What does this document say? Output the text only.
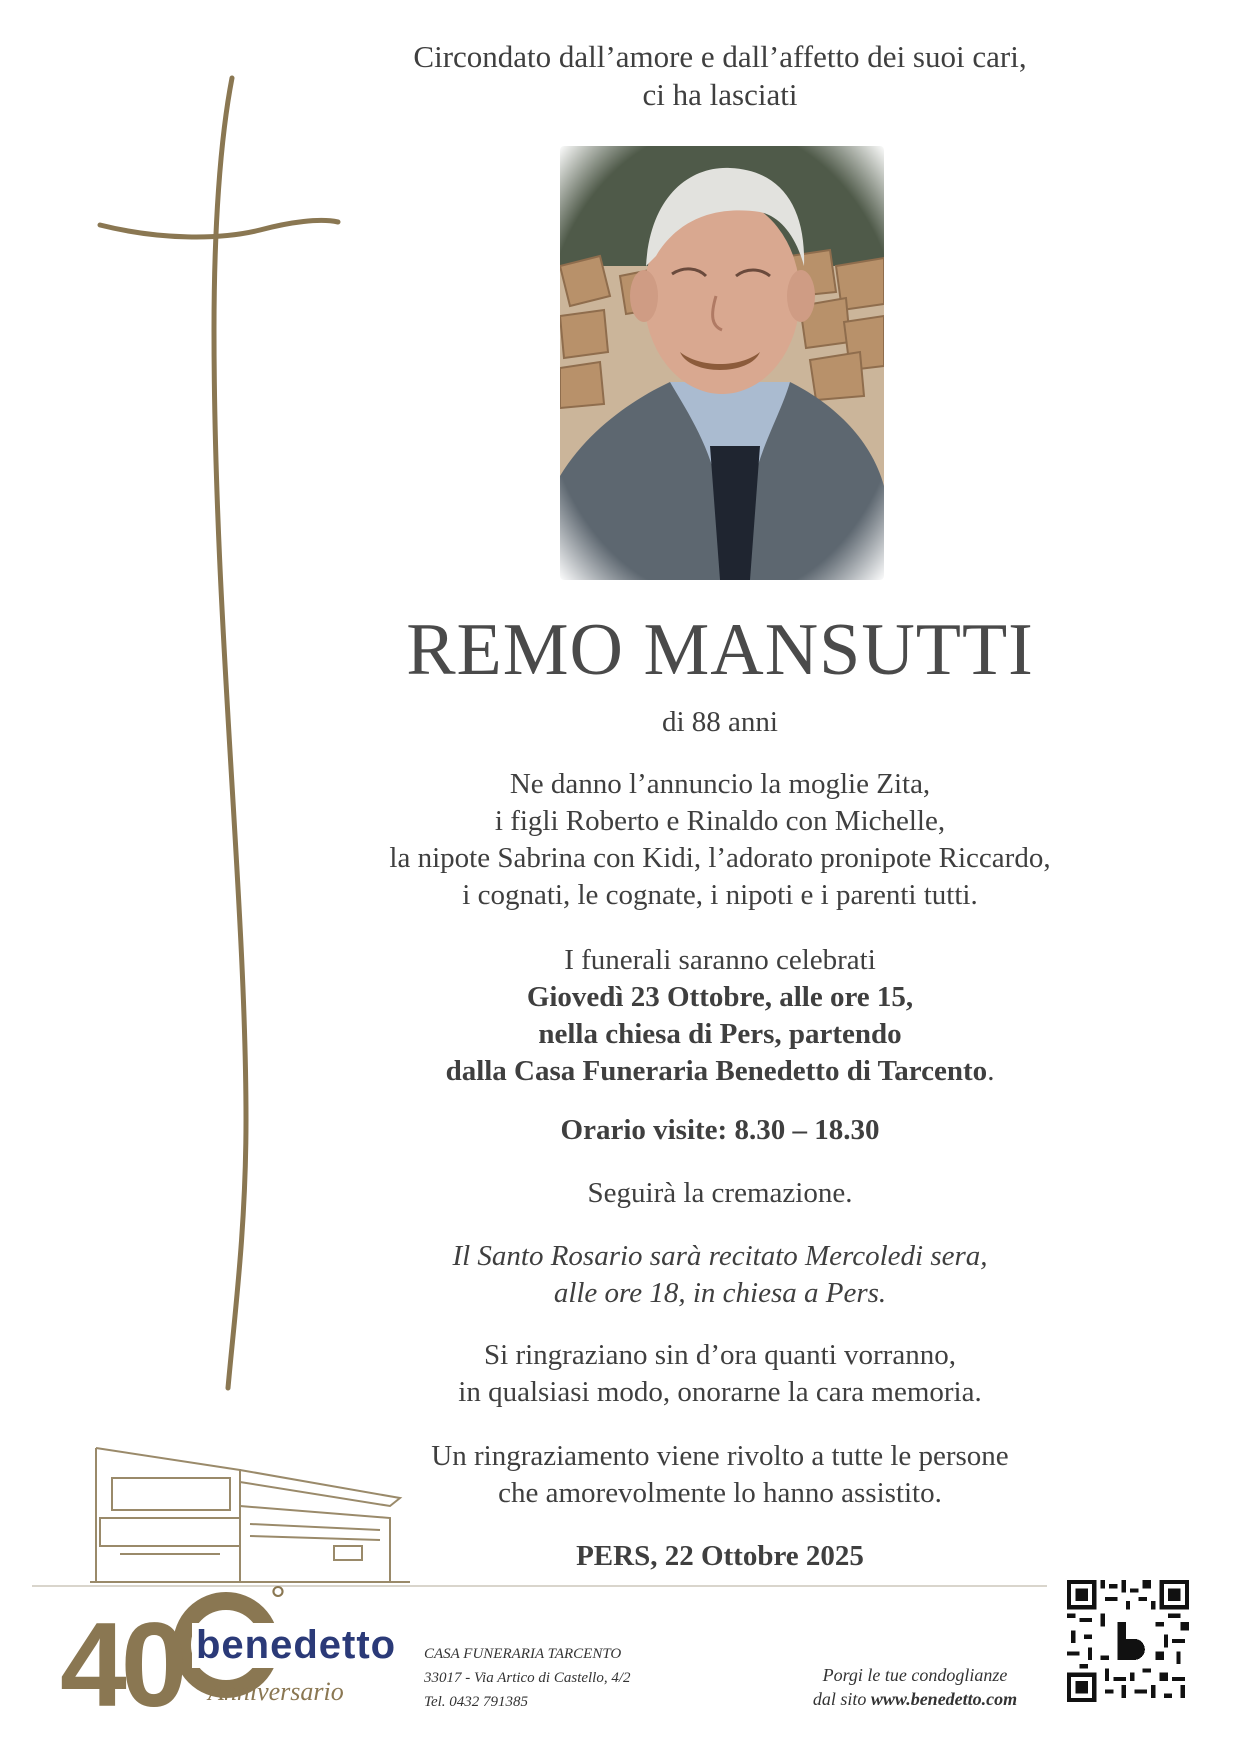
Circondato dall’amore e dall’affetto dei suoi cari,
ci ha lasciati
REMO MANSUTTI
di 88 anni
Ne danno l’annuncio la moglie Zita,
i figli Roberto e Rinaldo con Michelle,
la nipote Sabrina con Kidi, l’adorato pronipote Riccardo,
i cognati, le cognate, i nipoti e i parenti tutti.
I funerali saranno celebrati
Giovedì 23 Ottobre, alle ore 15,
nella chiesa di Pers, partendo
dalla Casa Funeraria Benedetto di Tarcento.
Orario visite: 8.30 – 18.30
Seguirà la cremazione.
Il Santo Rosario sarà recitato Mercoledi sera,
alle ore 18, in chiesa a Pers.
Si ringraziano sin d’ora quanti vorranno,
in qualsiasi modo, onorarne la cara memoria.
Un ringraziamento viene rivolto a tutte le persone
che amorevolmente lo hanno assistito.
PERS, 22 Ottobre 2025
40 °
benedetto
Anniversario
CASA FUNERARIA TARCENTO
33017 - Via Artico di Castello, 4/2
Tel. 0432 791385
Porgi le tue condoglianze
dal sito www.benedetto.com
